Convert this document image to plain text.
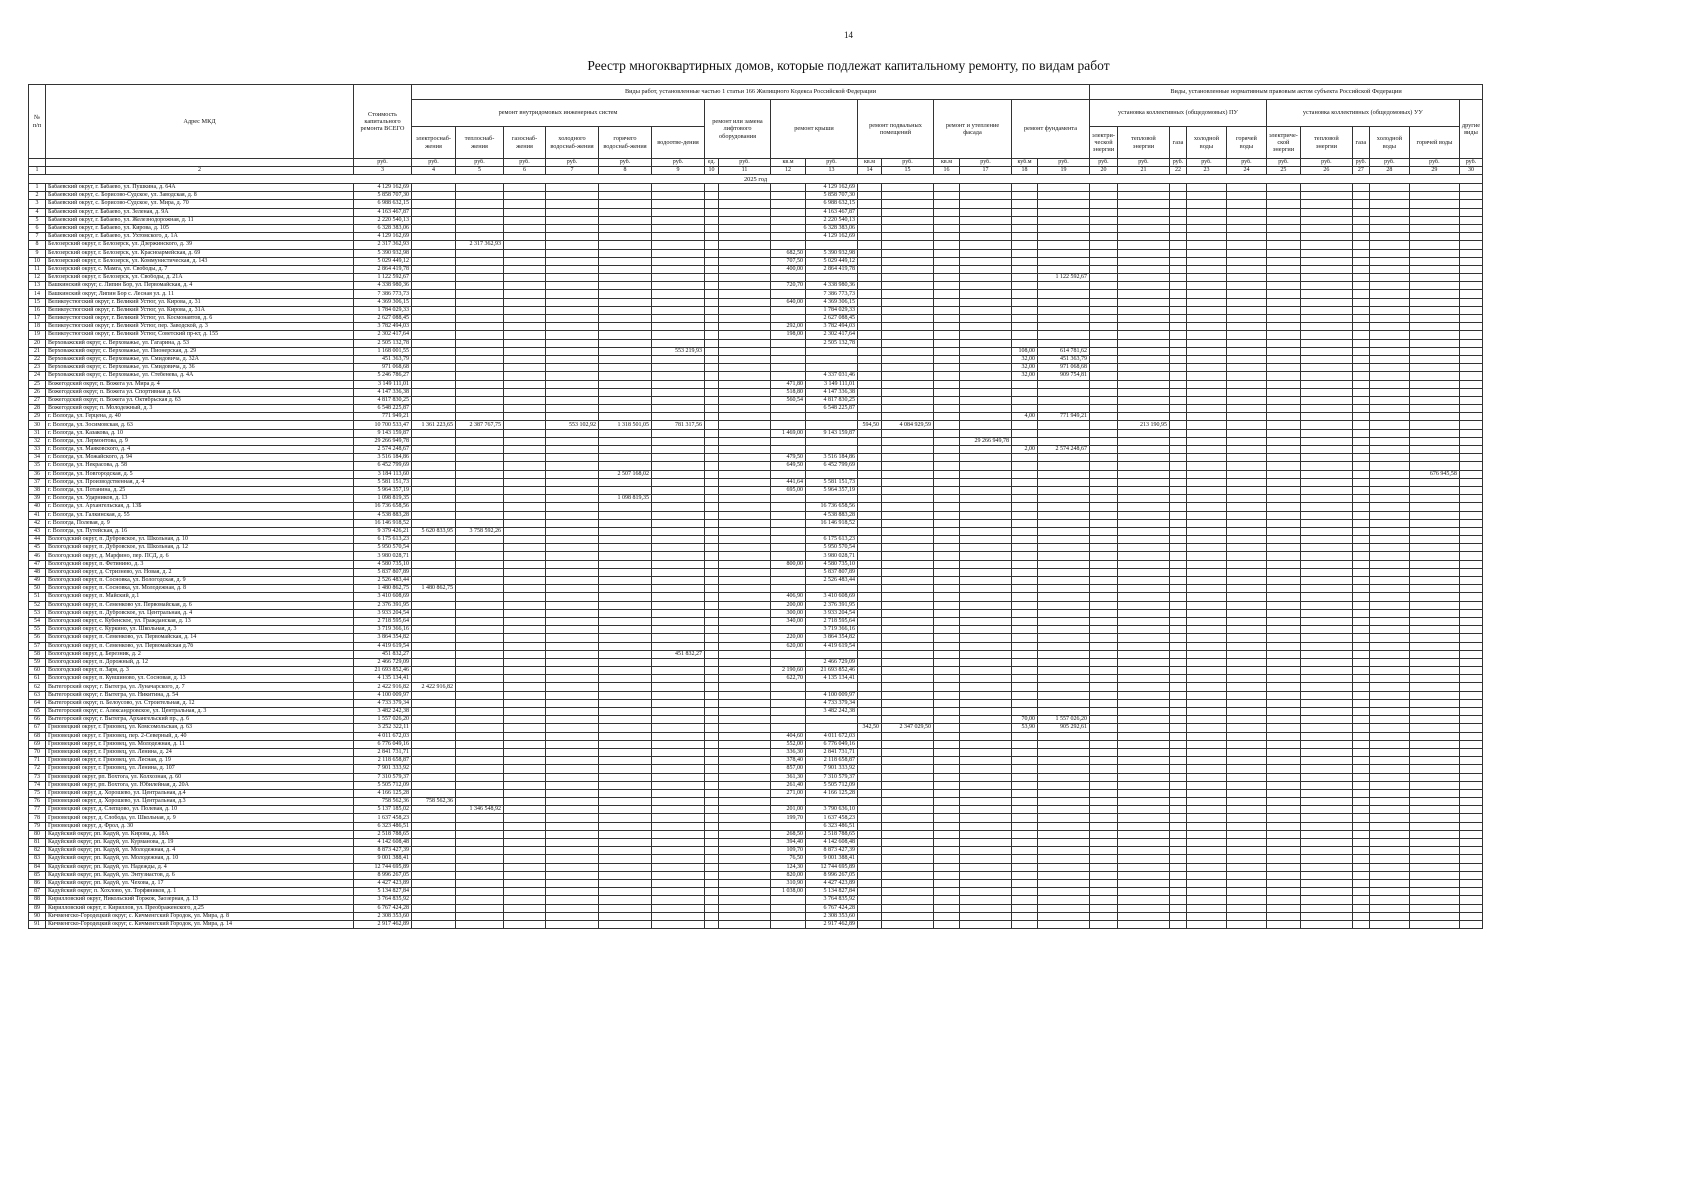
14
Реестр многоквартирных домов, которые подлежат капитальному ремонту, по видам работ
№ п/п	Адрес МКД	Стоимость капитального ремонта ВСЕГО	Виды работ, установленные частью 1 статьи 166 Жилищного Кодекса Российской Федерации																Виды, установленные нормативным правовым актом субъекта Российской Федерации										
			ремонт внутридомовых инженерных систем						ремонт или замена лифтового оборудования		ремонт крыши		ремонт подвальных помещений		ремонт и утепление фасада		ремонт фундамента		установка коллективных (общедомовых) ПУ					установка коллективных (общедомовых) УУ					другие виды
			электроснаб-жения	теплоснаб-жения	газоснаб-жения	холодного водоснаб-жения	горячего водоснаб-жения	водоотве-дения											электри-ческой энергии	тепловой энергии	газа	холодной воды	горячей воды	электриче-ской энергии	тепловой энергии	газа	холодной воды	горячей воды	
		руб.	руб.	руб.	руб.	руб.	руб.	руб.	ед.	руб.	кв.м	руб.	кв.м	руб.	кв.м	руб.	куб.м	руб.	руб.	руб.	руб.	руб.	руб.	руб.	руб.	руб.	руб.	руб.	руб.
1	2	3	4	5	6	7	8	9	10	11	12	13	14	15	16	17	18	19	20	21	22	23	24	25	26	27	28	29	30
2025 год																													
1	Бабаевский округ, г. Бабаево, ул. Пушкина, д. 64А	4 129 162,69										4 129 162,69																	
2	Бабаевский округ, с. Борисово-Судское, ул. Заводская, д. 8	5 858 707,30										5 858 707,30																	
3	Бабаевский округ, с. Борисово-Судское, ул. Мира, д. 70	6 988 632,15										6 988 632,15																	
4	Бабаевский округ, г. Бабаево, ул. Зеленая, д. 9А	4 163 467,87										4 163 467,87																	
5	Бабаевский округ, г. Бабаево, ул. Железнодорожная, д. 11	2 220 540,13										2 220 540,13																	
6	Бабаевский округ, г. Бабаево, ул. Кирова, д. 105	6 328 383,06										6 328 383,06																	
7	Бабаевский округ, г. Бабаево, ул. Ухтомского, д. 1А	4 129 162,69										4 129 162,69																	
8	Белозерский округ, г. Белозерск, ул. Дзержинского, д. 39	2 317 362,93		2 317 362,93																									
9	Белозерский округ, г. Белозерск, ул. Красноармейская, д. 69	5 390 932,98									682,50	5 390 932,98																	
10	Белозерский округ, г. Белозерск, ул. Коммунистическая, д. 143	5 029 449,12									707,50	5 029 449,12																	
11	Белозерский округ, с. Мамга, ул. Свободы, д. 7	2 864 419,78									400,00	2 864 419,78																	
12	Белозерский округ, г. Белозерск, ул. Свободы, д. 21А	1 122 592,67																1 122 592,67											
13	Вашкинский округ, с. Липин Бор, ул. Первомайская, д. 4	4 338 980,36									720,70	4 338 980,36																	
14	Вашкинский округ, Липин Бор с. Лесная ул. д. 11	7 386 773,73										7 386 773,73																	
15	Великоустюгский округ, г. Великий Устюг, ул. Кирова, д. 31	4 369 306,15									640,00	4 369 306,15																	
16	Великоустюгский округ, г. Великий Устюг, ул. Кирова, д. 31А	1 784 029,33										1 784 029,33																	
17	Великоустюгский округ, г. Великий Устюг, ул. Космонавтов, д. 6	2 627 088,45										2 627 088,45																	
18	Великоустюгский округ, г. Великий Устюг, пер. Заводской, д. 3	3 782 494,03									292,00	3 782 494,03																	
19	Великоустюгский округ, г. Великий Устюг, Советский пр-кт, д. 155	2 302 417,64									198,00	2 302 417,64																	
20	Верховажский округ, с. Верховажье, ул. Гагарина, д. 53	2 505 132,78										2 505 132,78																	
21	Верховажский округ, с. Верховажье, ул. Пионерская, д. 29	1 168 001,55						553 219,93									108,00	614 781,62											
22	Верховажский округ, с. Верховажье, ул. Смидовича, д. 32А	451 363,79															32,00	451 363,79											
23	Верховажский округ, с. Верховажье, ул. Смидовича, д. 36	971 068,68															32,00	971 068,68											
24	Верховажский округ, с. Верховажье, ул. Стебенева, д. 4А	5 246 786,27										4 337 031,46					32,00	909 754,81											
25	Вожегодский округ, п. Вожега ул. Мира д. 4	3 149 111,01									471,80	3 149 111,01																	
26	Вожегодский округ, п. Вожега ул. Спортивная д. 6А	4 147 336,38									518,80	4 147 336,38																	
27	Вожегодский округ, п. Вожега ул. Октябрьская д. 63	4 817 830,25									560,54	4 817 830,25																	
28	Вожегодский округ, п. Молодежный, д. 3	6 548 225,87										6 548 225,87																	
29	г. Вологда, ул. Герцена, д. 40	771 949,21															4,00	771 949,21											
30	г. Вологда, ул. Зосимовская, д. 63	10 700 533,47	1 361 223,65	2 387 767,75		553 102,92	1 318 501,05	781 317,56					594,50	4 084 929,59						213 190,95									
31	г. Вологда, ул. Казакова, д. 10	9 143 159,87									1 469,00	9 143 159,87																	
32	г. Вологда, ул. Лермонтова, д. 9	29 266 949,78														29 266 949,78													
33	г. Вологда, ул. Маяковского, д. 4	2 574 248,67															2,00	2 574 248,67											
34	г. Вологда, ул. Можайского, д. 94	3 516 184,86									479,50	3 516 184,86																	
35	г. Вологда, ул. Некрасова, д. 58	6 452 799,69									649,50	6 452 799,69																	
36	г. Вологда, ул. Новгородская, д. 5	3 184 113,60					2 507 168,02																					676 945,58	
37	г. Вологда, ул. Производственная, д. 4	5 581 151,73									441,64	5 581 151,73																	
38	г. Вологда, ул. Потанина, д. 25	5 964 357,19									695,00	5 964 357,19																	
39	г. Вологда, ул. Ударников, д. 13	1 098 819,35					1 098 819,35																						
40	г. Вологда, ул. Архангельская, д. 13Б	16 736 658,56										16 736 658,56																	
41	г. Вологда, ул. Галкинская, д. 55	4 538 883,28										4 538 883,28																	
42	г. Вологда, Полевая, д. 9	16 146 918,52										16 146 918,52																	
43	г. Вологда, ул. Путейская, д. 16	9 379 426,21	5 620 833,95	3 758 592,26																									
44	Вологодский округ, п. Дубровское, ул. Школьная, д. 10	6 175 613,23										6 175 613,23																	
45	Вологодский округ, п. Дубровское, ул. Школьная, д. 12	5 950 570,54										5 950 570,54																	
46	Вологодский округ, д. Марфино, пер. ПСД, д. 6	3 980 028,71										3 980 028,71																	
47	Вологодский округ, п. Фетинино, д. 3	4 580 735,10									800,00	4 580 735,10																	
48	Вологодский округ, д. Стризнево, ул. Новая, д. 2	5 837 807,89										5 837 807,89																	
49	Вологодский округ, п. Сосновка, ул. Вологодская, д. 9	2 526 483,44										2 526 483,44																	
50	Вологодский округ, п. Сосновка, ул. Молодежная, д. 8	1 480 862,75	1 480 862,75																										
51	Вологодский округ, п. Майский, д.1	3 410 608,69									406,90	3 410 608,69																	
52	Вологодский округ, п. Семенково ул. Первомайская, д. 6	2 376 391,95									200,00	2 376 391,95																	
53	Вологодский округ, п. Дубровское, ул. Центральная, д. 4	3 933 204,54									300,00	3 933 204,54																	
54	Вологодский округ, с. Кубенское, ул. Гражданская, д. 13	2 718 595,64									340,00	2 718 595,64																	
55	Вологодский округ, с. Куркино, ул. Школьная, д. 3	3 719 366,16										3 719 366,16																	
56	Вологодский округ, п. Семенково, ул. Первомайская, д. 14	3 864 354,82									220,00	3 864 354,82																	
57	Вологодский округ, п. Семенково, ул. Первомайская д.7б	4 419 619,54									620,00	4 419 619,54																	
58	Вологодский округ, д. Березник, д. 2	451 832,27						451 832,27																					
59	Вологодский округ, п. Дорожный, д. 12	2 466 729,09										2 466 729,09																	
60	Вологодский округ, п. Заря, д. 3	21 693 852,46									2 190,60	21 693 852,46																	
61	Вологодский округ, п. Кувшиново, ул. Сосновая, д. 13	4 135 134,41									622,70	4 135 134,41																	
62	Вытегорский округ, г. Вытегра, ул. Луначарского, д. 7	2 422 916,82	2 422 916,82																										
63	Вытегорский округ, г. Вытегра, ул. Никитина, д. 54	4 100 009,97										4 100 009,97																	
64	Вытегорский округ, п. Белоусово, ул. Строительная, д. 12	4 733 379,34										4 733 379,34																	
65	Вытегорский округ, с. Александровское, ул. Центральная, д. 3	3 482 242,38										3 482 242,38																	
66	Вытегорский округ, г. Вытегра, Архангельский пр., д. 6	1 557 026,20															70,00	1 557 026,20											
67	Грязовецкий округ, г. Грязовец, ул. Комсомольская, д. 63	3 252 322,11											342,50	2 347 029,50			53,90	905 292,61											
68	Грязовецкий округ, г. Грязовец, пер. 2-Северный, д. 40	4 011 672,03									404,60	4 011 672,03																	
69	Грязовецкий округ, г. Грязовец, ул. Молодежная, д. 11	6 776 049,16									552,00	6 776 049,16																	
70	Грязовецкий округ, г. Грязовец, ул. Ленина, д. 24	2 841 731,71									336,30	2 841 731,71																	
71	Грязовецкий округ, г. Грязовец, ул. Лесная, д. 19	2 118 658,87									378,40	2 118 658,87																	
72	Грязовецкий округ, г. Грязовец, ул. Ленина, д. 107	7 901 333,92									857,00	7 901 333,92																	
73	Грязовецкий округ, рп. Вохтога, ул. Колхозная, д. 60	7 310 579,37									361,30	7 310 579,37																	
74	Грязовецкий округ, рп. Вохтога, ул. Юбилейная, д. 20А	5 505 712,09									261,40	5 505 712,09																	
75	Грязовецкий округ, д. Хорошево, ул. Центральная, д.4	4 166 125,28									271,00	4 166 125,28																	
76	Грязовецкий округ, д. Хорошево, ул. Центральная, д.3	758 562,36	758 562,36																										
77	Грязовецкий округ, д. Слепцово, ул. Полевая, д. 10	5 137 185,02		1 346 548,92							201,00	3 790 636,10																	
78	Грязовецкий округ, д. Слобода, ул. Школьная, д. 9	1 637 458,23									199,70	1 637 458,23																	
79	Грязовецкий округ, д. Фрол, д. 30	6 323 486,51										6 323 486,51																	
80	Кадуйский округ, рп. Кадуй, ул. Кирова, д. 18А	2 518 788,65									268,50	2 518 788,65																	
81	Кадуйский округ, рп. Кадуй, ул. Курманова, д. 19	4 142 608,48									394,40	4 142 608,48																	
82	Кадуйский округ, рп. Кадуй, ул. Молодежная, д. 4	8 873 427,39									109,70	8 873 427,39																	
83	Кадуйский округ, рп. Кадуй, ул. Молодежная, д. 10	9 001 388,41									76,50	9 001 388,41																	
84	Кадуйский округ, рп. Кадуй, ул. Надежды, д. 4	12 744 695,89									124,30	12 744 695,89																	
85	Кадуйский округ, рп. Кадуй, ул. Энтузиастов, д. 6	8 996 267,05									820,00	8 996 267,05																	
86	Кадуйский округ, рп. Кадуй, ул. Чехова, д. 17	4 427 423,89									310,90	4 427 423,89																	
87	Кадуйский округ, п. Хохлово, ул. Торфяников, д. 1	5 134 827,84									1 038,00	5 134 827,84																	
88	Кирилловский округ, Никольский Торжок, Заозерная, д. 13	3 764 835,92										3 764 835,92																	
89	Кирилловский округ, г. Кириллов, ул. Преображенского, д.25	6 767 424,28										6 767 424,28																	
90	Кичменгско-Городецкий округ, с. Кичменгский Городок, ул. Мира, д. 8	2 308 353,60										2 308 353,60																	
91	Кичменгско-Городецкий округ, с. Кичменгский Городок, ул. Мира, д. 14	2 917 462,89										2 917 462,89																	
